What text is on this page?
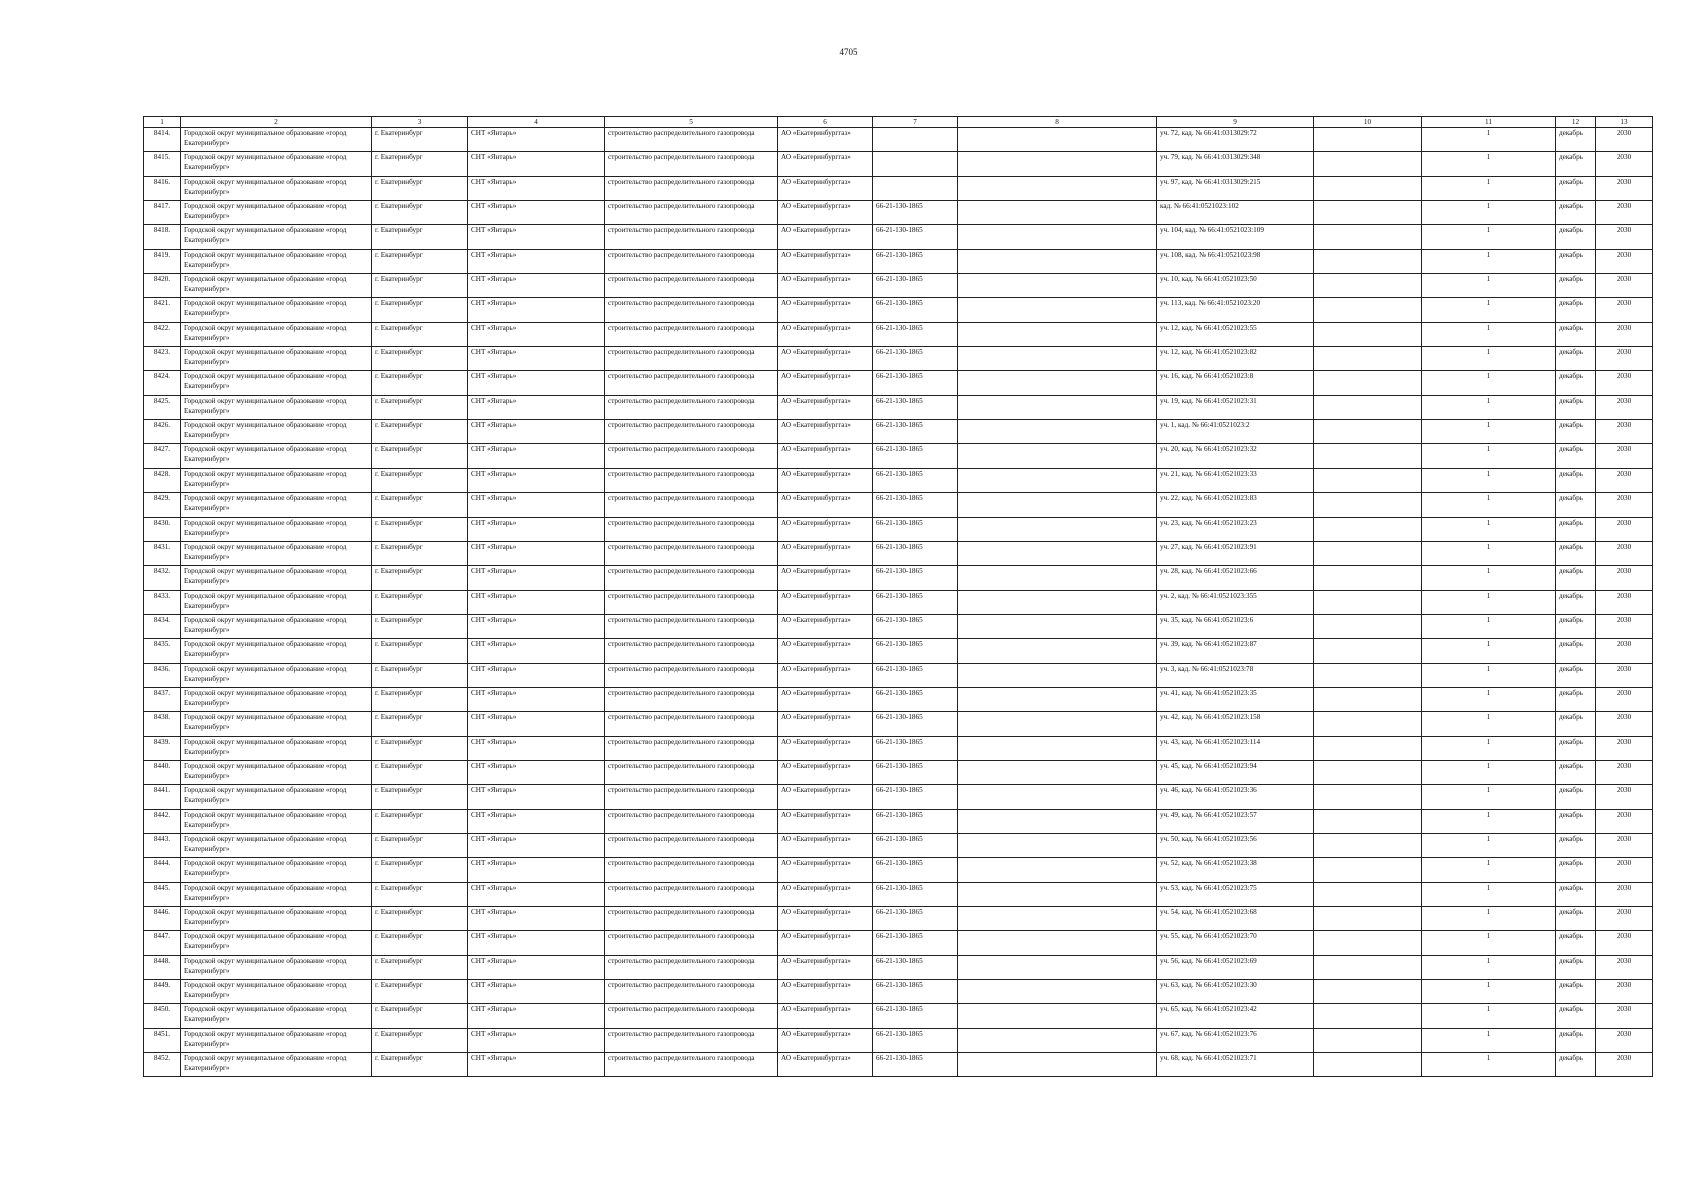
4705
1	2	3	4	5	6	7	8	9	10	11	12	13
8414.	Городской округ муниципальное образование «город Екатеринбург»	г. Екатеринбург	СНТ «Янтарь»	строительство распределительного газопровода	АО «Екатеринбурггаз»			уч. 72, кад. № 66:41:0313029:72		1	декабрь	2030
8415.	Городской округ муниципальное образование «город Екатеринбург»	г. Екатеринбург	СНТ «Янтарь»	строительство распределительного газопровода	АО «Екатеринбурггаз»			уч. 79, кад. № 66:41:0313029:348		1	декабрь	2030
8416.	Городской округ муниципальное образование «город Екатеринбург»	г. Екатеринбург	СНТ «Янтарь»	строительство распределительного газопровода	АО «Екатеринбурггаз»			уч. 97, кад. № 66:41:0313029:215		1	декабрь	2030
8417.	Городской округ муниципальное образование «город Екатеринбург»	г. Екатеринбург	СНТ «Янтарь»	строительство распределительного газопровода	АО «Екатеринбурггаз»	66-21-130-1865		кад. № 66:41:0521023:102		1	декабрь	2030
8418.	Городской округ муниципальное образование «город Екатеринбург»	г. Екатеринбург	СНТ «Янтарь»	строительство распределительного газопровода	АО «Екатеринбурггаз»	66-21-130-1865		уч. 104, кад. № 66:41:0521023:109		1	декабрь	2030
8419.	Городской округ муниципальное образование «город Екатеринбург»	г. Екатеринбург	СНТ «Янтарь»	строительство распределительного газопровода	АО «Екатеринбурггаз»	66-21-130-1865		уч. 108, кад. № 66:41:0521023:98		1	декабрь	2030
8420.	Городской округ муниципальное образование «город Екатеринбург»	г. Екатеринбург	СНТ «Янтарь»	строительство распределительного газопровода	АО «Екатеринбурггаз»	66-21-130-1865		уч. 10, кад. № 66:41:0521023:50		1	декабрь	2030
8421.	Городской округ муниципальное образование «город Екатеринбург»	г. Екатеринбург	СНТ «Янтарь»	строительство распределительного газопровода	АО «Екатеринбурггаз»	66-21-130-1865		уч. 113, кад. № 66:41:0521023:20		1	декабрь	2030
8422.	Городской округ муниципальное образование «город Екатеринбург»	г. Екатеринбург	СНТ «Янтарь»	строительство распределительного газопровода	АО «Екатеринбурггаз»	66-21-130-1865		уч. 12, кад. № 66:41:0521023:55		1	декабрь	2030
8423.	Городской округ муниципальное образование «город Екатеринбург»	г. Екатеринбург	СНТ «Янтарь»	строительство распределительного газопровода	АО «Екатеринбурггаз»	66-21-130-1865		уч. 12, кад. № 66:41:0521023:82		1	декабрь	2030
8424.	Городской округ муниципальное образование «город Екатеринбург»	г. Екатеринбург	СНТ «Янтарь»	строительство распределительного газопровода	АО «Екатеринбурггаз»	66-21-130-1865		уч. 16, кад. № 66:41:0521023:8		1	декабрь	2030
8425.	Городской округ муниципальное образование «город Екатеринбург»	г. Екатеринбург	СНТ «Янтарь»	строительство распределительного газопровода	АО «Екатеринбурггаз»	66-21-130-1865		уч. 19, кад. № 66:41:0521023:31		1	декабрь	2030
8426.	Городской округ муниципальное образование «город Екатеринбург»	г. Екатеринбург	СНТ «Янтарь»	строительство распределительного газопровода	АО «Екатеринбурггаз»	66-21-130-1865		уч. 1, кад. № 66:41:0521023:2		1	декабрь	2030
8427.	Городской округ муниципальное образование «город Екатеринбург»	г. Екатеринбург	СНТ «Янтарь»	строительство распределительного газопровода	АО «Екатеринбурггаз»	66-21-130-1865		уч. 20, кад. № 66:41:0521023:32		1	декабрь	2030
8428.	Городской округ муниципальное образование «город Екатеринбург»	г. Екатеринбург	СНТ «Янтарь»	строительство распределительного газопровода	АО «Екатеринбурггаз»	66-21-130-1865		уч. 21, кад. № 66:41:0521023:33		1	декабрь	2030
8429.	Городской округ муниципальное образование «город Екатеринбург»	г. Екатеринбург	СНТ «Янтарь»	строительство распределительного газопровода	АО «Екатеринбурггаз»	66-21-130-1865		уч. 22, кад. № 66:41:0521023:83		1	декабрь	2030
8430.	Городской округ муниципальное образование «город Екатеринбург»	г. Екатеринбург	СНТ «Янтарь»	строительство распределительного газопровода	АО «Екатеринбурггаз»	66-21-130-1865		уч. 23, кад. № 66:41:0521023:23		1	декабрь	2030
8431.	Городской округ муниципальное образование «город Екатеринбург»	г. Екатеринбург	СНТ «Янтарь»	строительство распределительного газопровода	АО «Екатеринбурггаз»	66-21-130-1865		уч. 27, кад. № 66:41:0521023:91		1	декабрь	2030
8432.	Городской округ муниципальное образование «город Екатеринбург»	г. Екатеринбург	СНТ «Янтарь»	строительство распределительного газопровода	АО «Екатеринбурггаз»	66-21-130-1865		уч. 28, кад. № 66:41:0521023:66		1	декабрь	2030
8433.	Городской округ муниципальное образование «город Екатеринбург»	г. Екатеринбург	СНТ «Янтарь»	строительство распределительного газопровода	АО «Екатеринбурггаз»	66-21-130-1865		уч. 2, кад. № 66:41:0521023:355		1	декабрь	2030
8434.	Городской округ муниципальное образование «город Екатеринбург»	г. Екатеринбург	СНТ «Янтарь»	строительство распределительного газопровода	АО «Екатеринбурггаз»	66-21-130-1865		уч. 35, кад. № 66:41:0521023:6		1	декабрь	2030
8435.	Городской округ муниципальное образование «город Екатеринбург»	г. Екатеринбург	СНТ «Янтарь»	строительство распределительного газопровода	АО «Екатеринбурггаз»	66-21-130-1865		уч. 39, кад. № 66:41:0521023:87		1	декабрь	2030
8436.	Городской округ муниципальное образование «город Екатеринбург»	г. Екатеринбург	СНТ «Янтарь»	строительство распределительного газопровода	АО «Екатеринбурггаз»	66-21-130-1865		уч. 3, кад. № 66:41:0521023:78		1	декабрь	2030
8437.	Городской округ муниципальное образование «город Екатеринбург»	г. Екатеринбург	СНТ «Янтарь»	строительство распределительного газопровода	АО «Екатеринбурггаз»	66-21-130-1865		уч. 41, кад. № 66:41:0521023:35		1	декабрь	2030
8438.	Городской округ муниципальное образование «город Екатеринбург»	г. Екатеринбург	СНТ «Янтарь»	строительство распределительного газопровода	АО «Екатеринбурггаз»	66-21-130-1865		уч. 42, кад. № 66:41:0521023:158		1	декабрь	2030
8439.	Городской округ муниципальное образование «город Екатеринбург»	г. Екатеринбург	СНТ «Янтарь»	строительство распределительного газопровода	АО «Екатеринбурггаз»	66-21-130-1865		уч. 43, кад. № 66:41:0521023:114		1	декабрь	2030
8440.	Городской округ муниципальное образование «город Екатеринбург»	г. Екатеринбург	СНТ «Янтарь»	строительство распределительного газопровода	АО «Екатеринбурггаз»	66-21-130-1865		уч. 45, кад. № 66:41:0521023:94		1	декабрь	2030
8441.	Городской округ муниципальное образование «город Екатеринбург»	г. Екатеринбург	СНТ «Янтарь»	строительство распределительного газопровода	АО «Екатеринбурггаз»	66-21-130-1865		уч. 46, кад. № 66:41:0521023:36		1	декабрь	2030
8442.	Городской округ муниципальное образование «город Екатеринбург»	г. Екатеринбург	СНТ «Янтарь»	строительство распределительного газопровода	АО «Екатеринбурггаз»	66-21-130-1865		уч. 49, кад. № 66:41:0521023:57		1	декабрь	2030
8443.	Городской округ муниципальное образование «город Екатеринбург»	г. Екатеринбург	СНТ «Янтарь»	строительство распределительного газопровода	АО «Екатеринбурггаз»	66-21-130-1865		уч. 50, кад. № 66:41:0521023:56		1	декабрь	2030
8444.	Городской округ муниципальное образование «город Екатеринбург»	г. Екатеринбург	СНТ «Янтарь»	строительство распределительного газопровода	АО «Екатеринбурггаз»	66-21-130-1865		уч. 52, кад. № 66:41:0521023:38		1	декабрь	2030
8445.	Городской округ муниципальное образование «город Екатеринбург»	г. Екатеринбург	СНТ «Янтарь»	строительство распределительного газопровода	АО «Екатеринбурггаз»	66-21-130-1865		уч. 53, кад. № 66:41:0521023:75		1	декабрь	2030
8446.	Городской округ муниципальное образование «город Екатеринбург»	г. Екатеринбург	СНТ «Янтарь»	строительство распределительного газопровода	АО «Екатеринбурггаз»	66-21-130-1865		уч. 54, кад. № 66:41:0521023:68		1	декабрь	2030
8447.	Городской округ муниципальное образование «город Екатеринбург»	г. Екатеринбург	СНТ «Янтарь»	строительство распределительного газопровода	АО «Екатеринбурггаз»	66-21-130-1865		уч. 55, кад. № 66:41:0521023:70		1	декабрь	2030
8448.	Городской округ муниципальное образование «город Екатеринбург»	г. Екатеринбург	СНТ «Янтарь»	строительство распределительного газопровода	АО «Екатеринбурггаз»	66-21-130-1865		уч. 56, кад. № 66:41:0521023:69		1	декабрь	2030
8449.	Городской округ муниципальное образование «город Екатеринбург»	г. Екатеринбург	СНТ «Янтарь»	строительство распределительного газопровода	АО «Екатеринбурггаз»	66-21-130-1865		уч. 63, кад. № 66:41:0521023:30		1	декабрь	2030
8450.	Городской округ муниципальное образование «город Екатеринбург»	г. Екатеринбург	СНТ «Янтарь»	строительство распределительного газопровода	АО «Екатеринбурггаз»	66-21-130-1865		уч. 65, кад. № 66:41:0521023:42		1	декабрь	2030
8451.	Городской округ муниципальное образование «город Екатеринбург»	г. Екатеринбург	СНТ «Янтарь»	строительство распределительного газопровода	АО «Екатеринбурггаз»	66-21-130-1865		уч. 67, кад. № 66:41:0521023:76		1	декабрь	2030
8452.	Городской округ муниципальное образование «город Екатеринбург»	г. Екатеринбург	СНТ «Янтарь»	строительство распределительного газопровода	АО «Екатеринбурггаз»	66-21-130-1865		уч. 68, кад. № 66:41:0521023:71		1	декабрь	2030
